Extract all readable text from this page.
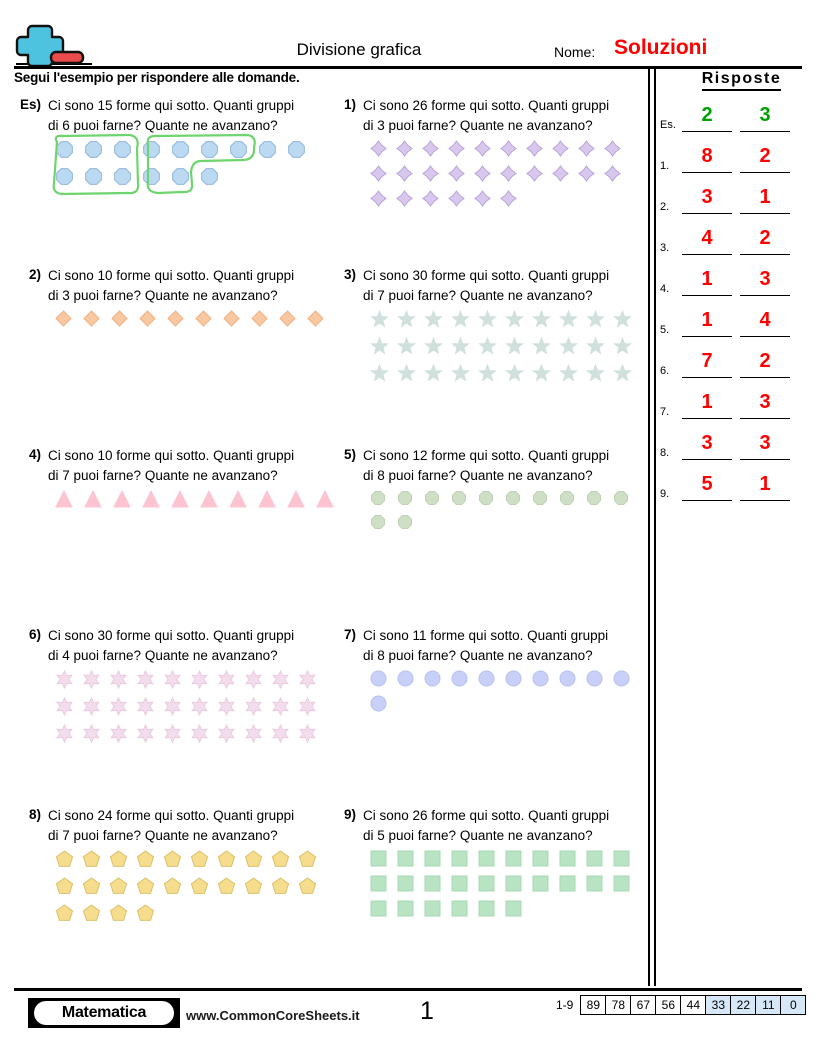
Divisione grafica	Nome: Soluzioni
Segui l'esempio per rispondere alle domande.	Risposte
Es.	2	3
1.	8	2
2.	3	1
3.	4	2
4.	1	3
5.	1	4
6.	7	2
7.	1	3
8.	3	3
9.	5	1
Es) Ci sono 15 forme qui sotto. Quanti gruppi di 6 puoi farne? Quante ne avanzano?
1) Ci sono 26 forme qui sotto. Quanti gruppi di 3 puoi farne? Quante ne avanzano?
2) Ci sono 10 forme qui sotto. Quanti gruppi di 3 puoi farne? Quante ne avanzano?
3) Ci sono 30 forme qui sotto. Quanti gruppi di 7 puoi farne? Quante ne avanzano?
4) Ci sono 10 forme qui sotto. Quanti gruppi di 7 puoi farne? Quante ne avanzano?
5) Ci sono 12 forme qui sotto. Quanti gruppi di 8 puoi farne? Quante ne avanzano?
6) Ci sono 30 forme qui sotto. Quanti gruppi di 4 puoi farne? Quante ne avanzano?
7) Ci sono 11 forme qui sotto. Quanti gruppi di 8 puoi farne? Quante ne avanzano?
8) Ci sono 24 forme qui sotto. Quanti gruppi di 7 puoi farne? Quante ne avanzano?
9) Ci sono 26 forme qui sotto. Quanti gruppi di 5 puoi farne? Quante ne avanzano?
Matematica	www.CommonCoreSheets.it 1	1-9	89 78 67 56 44 33 22	11	0
